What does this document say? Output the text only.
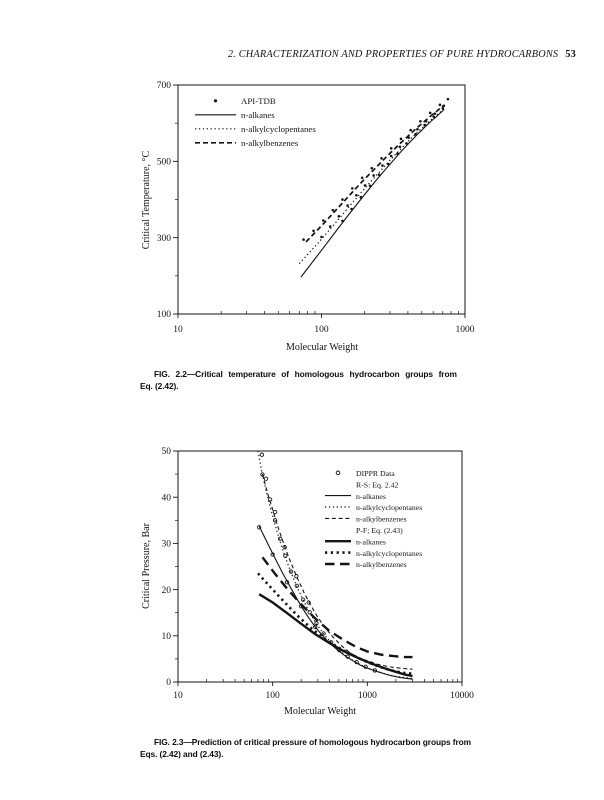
2. CHARACTERIZATION AND PROPERTIES OF PURE HYDROCARBONS 53
10	100	1000
100
300
500
700
Molecular Weight
Critical Temperature, °C
API-TDB
n-alkanes
n-alkylcyclopentanes
n-alkylbenzenes
FIG. 2.2—Critical temperature of homologous hydrocarbon groups from
Eq. (2.42).
10	100	1000	10000
0
10
20
30
40
50
Molecular Weight
Critical Pressure, Bar
DIPPR Data
R-S: Eq. 2.42
n-alkanes
n-alkylcyclopentanes
n-alkylbenzenes
P-F; Eq. (2.43)
n-alkanes
n-alkylcyclopentanes
n-alkylbenzenes
FIG. 2.3—Prediction of critical pressure of homologous hydrocarbon groups from
Eqs. (2.42) and (2.43).
